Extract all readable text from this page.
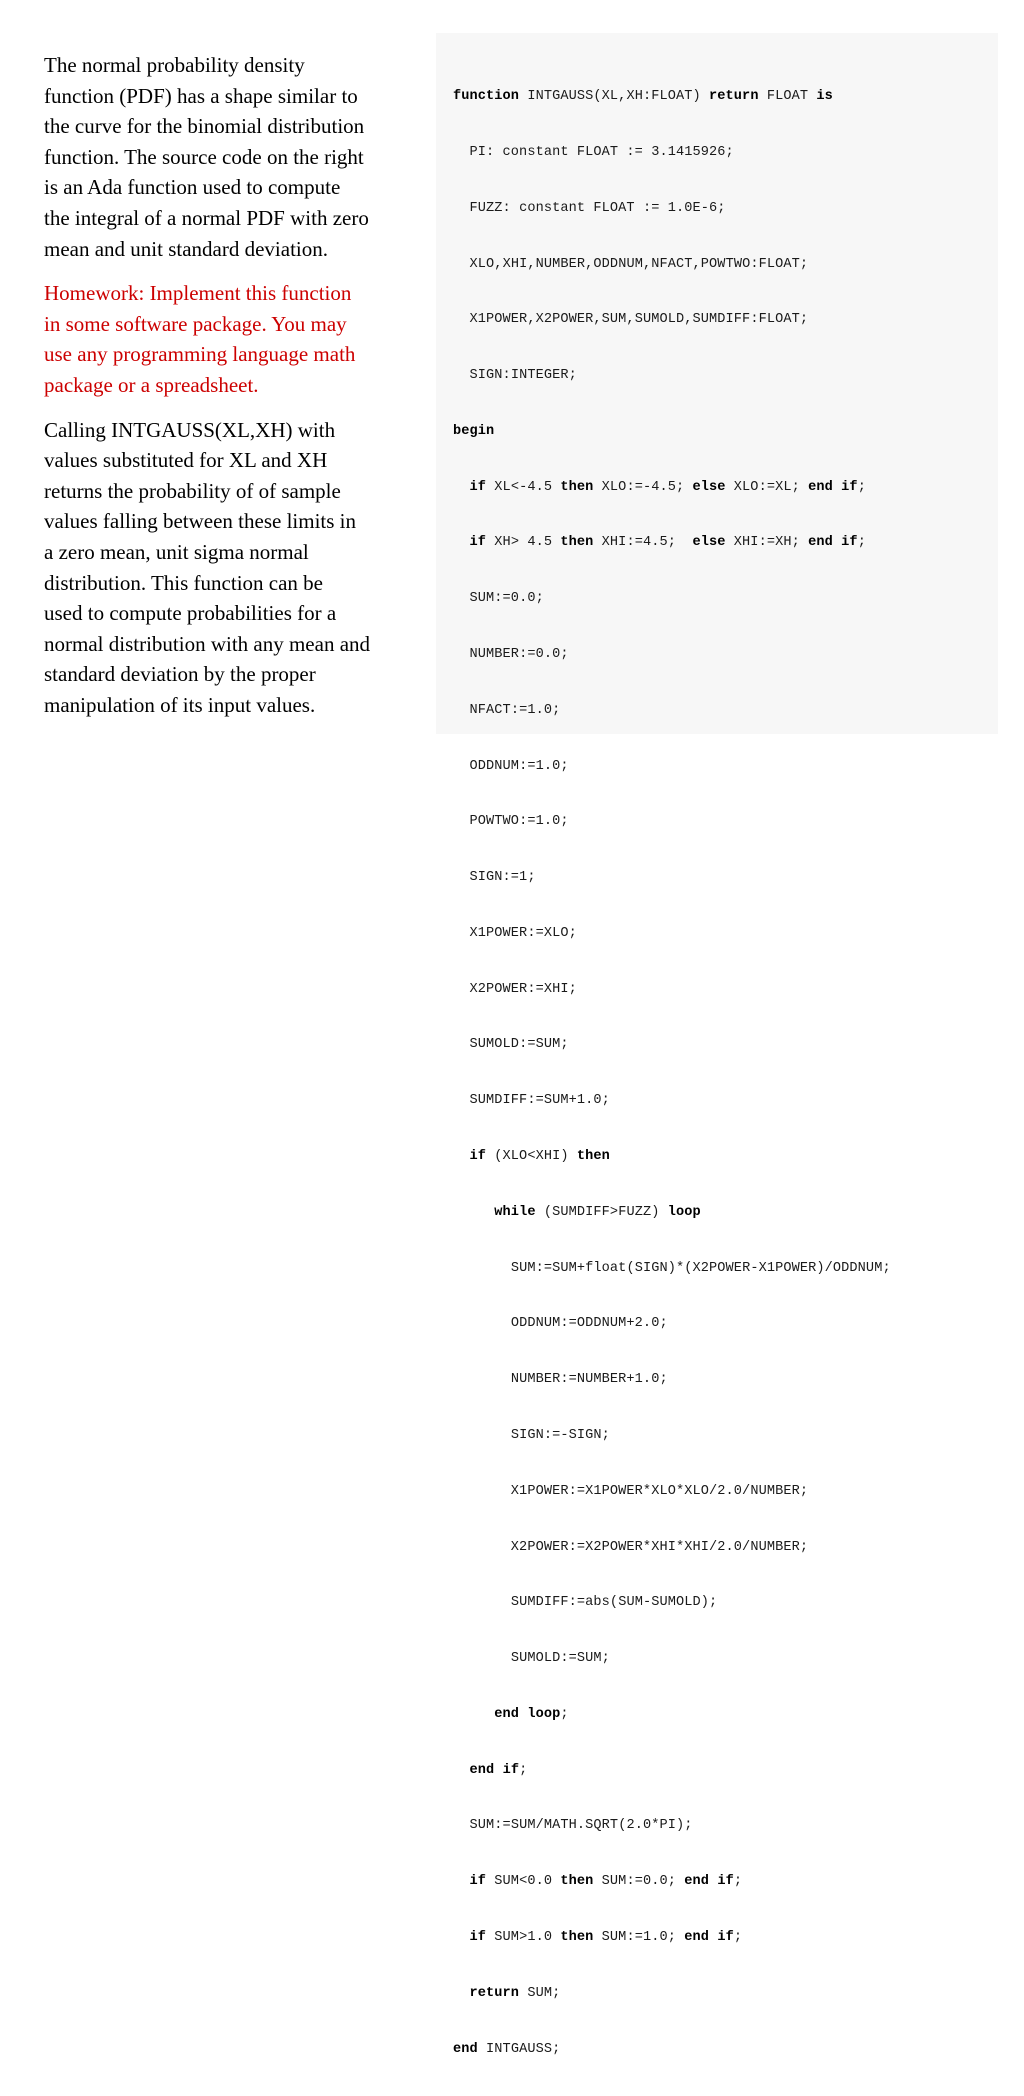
The normal probability density
function (PDF) has a shape similar to
the curve for the binomial distribution
function. The source code on the right
is an Ada function used to compute
the integral of a normal PDF with zero
mean and unit standard deviation.

Homework: Implement this function
in some software package. You may
use any programming language math
package or a spreadsheet.

Calling INTGAUSS(XL,XH) with
values substituted for XL and XH
returns the probability of of sample
values falling between these limits in
a zero mean, unit sigma normal
distribution. This function can be
used to compute probabilities for a
normal distribution with any mean and
standard deviation by the proper
manipulation of its input values.

function INTGAUSS(XL,XH:FLOAT) return FLOAT is

PI: constant FLOAT := 3.1415926;

FUZZ: constant FLOAT := 1.0E-6;

XLO,XHI,NUMBER,ODDNUM,NFACT,POWTWO:FLOAT;

X1POWER,X2POWER,SUM,SUMOLD,SUMDIFF:FLOAT;

SIGN:INTEGER;

begin

if XL<-4.5 then XLO:=-4.5; else XLO:=XL; end if;

if XH> 4.5 then XHI:=4.5;  else XHI:=XH; end if;

SUM:=0.0;

NUMBER:=0.0;

NFACT:=1.0;

ODDNUM:=1.0;

POWTWO:=1.0;

SIGN:=1;

X1POWER:=XLO;

X2POWER:=XHI;

SUMOLD:=SUM;

SUMDIFF:=SUM+1.0;

if (XLO<XHI) then

while (SUMDIFF>FUZZ) loop

SUM:=SUM+float(SIGN)*(X2POWER-X1POWER)/ODDNUM;

ODDNUM:=ODDNUM+2.0;

NUMBER:=NUMBER+1.0;

SIGN:=-SIGN;

X1POWER:=X1POWER*XLO*XLO/2.0/NUMBER;

X2POWER:=X2POWER*XHI*XHI/2.0/NUMBER;

SUMDIFF:=abs(SUM-SUMOLD);

SUMOLD:=SUM;

end loop;

end if;

SUM:=SUM/MATH.SQRT(2.0*PI);

if SUM<0.0 then SUM:=0.0; end if;

if SUM>1.0 then SUM:=1.0; end if;

return SUM;

end INTGAUSS;
